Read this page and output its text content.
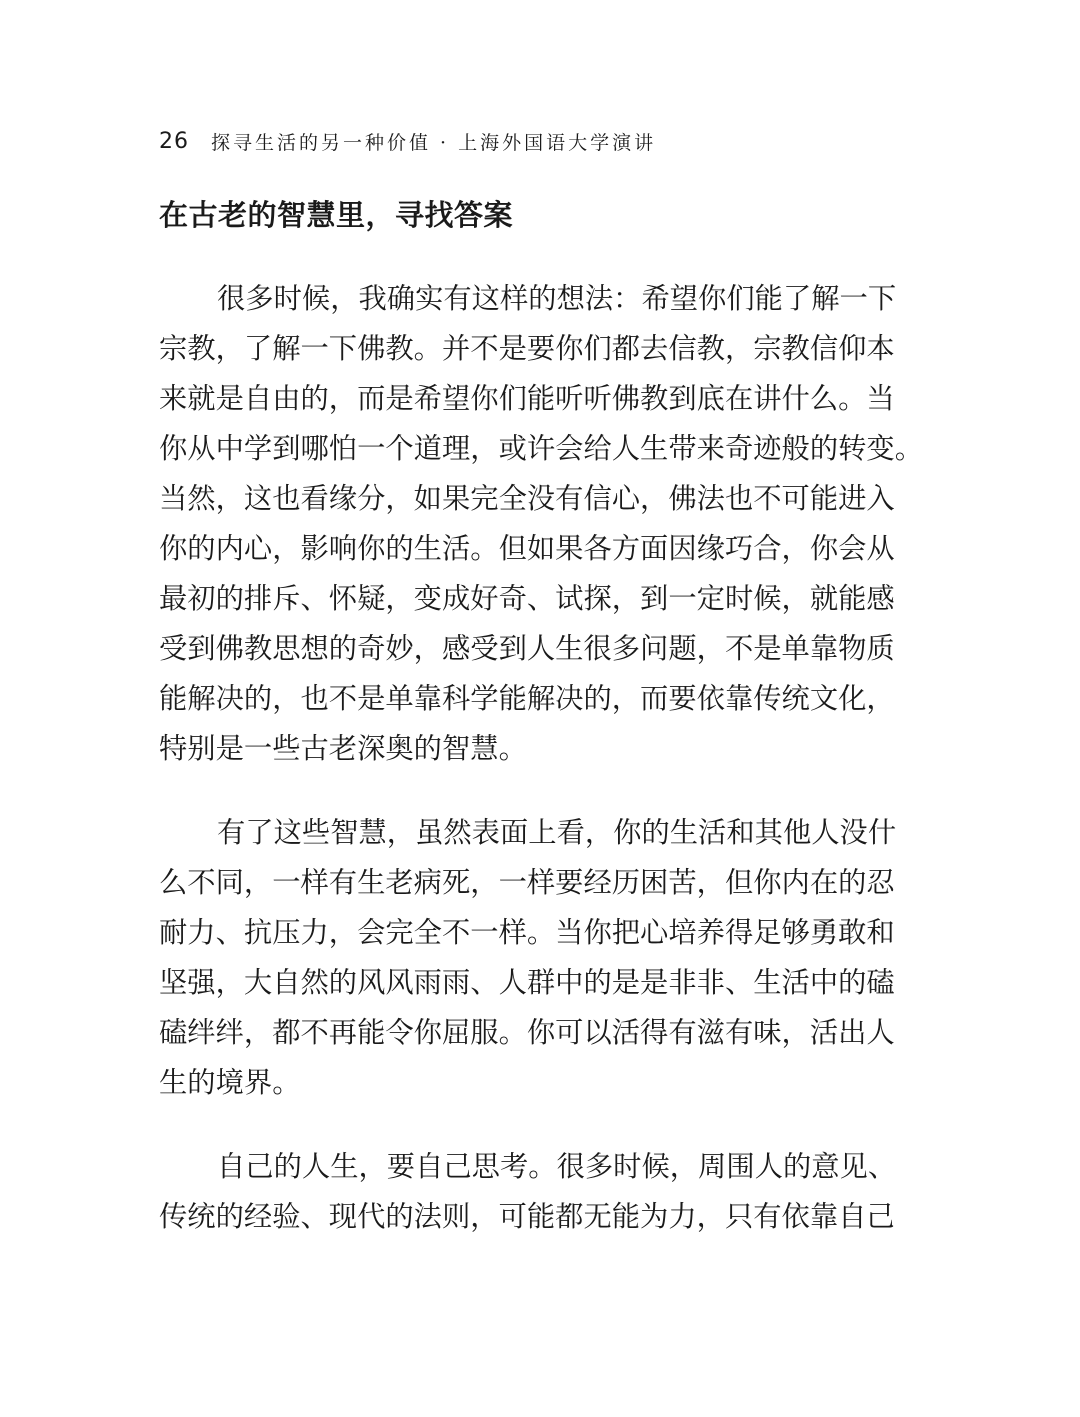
26 探寻生活的另一种价值 · 上海外国语大学演讲
在古老的智慧里，寻找答案

很多时候，我确实有这样的想法：希望你们能了解一下

宗教，了解一下佛教。并不是要你们都去信教，宗教信仰本

来就是自由的，而是希望你们能听听佛教到底在讲什么。当

你从中学到哪怕一个道理，或许会给人生带来奇迹般的转变。

当然，这也看缘分，如果完全没有信心，佛法也不可能进入

你的内心，影响你的生活。但如果各方面因缘巧合，你会从

最初的排斥、怀疑，变成好奇、试探，到一定时候，就能感

受到佛教思想的奇妙，感受到人生很多问题，不是单靠物质

能解决的，也不是单靠科学能解决的，而要依靠传统文化，

特别是一些古老深奥的智慧。

有了这些智慧，虽然表面上看，你的生活和其他人没什

么不同，一样有生老病死，一样要经历困苦，但你内在的忍

耐力、抗压力，会完全不一样。当你把心培养得足够勇敢和

坚强，大自然的风风雨雨、人群中的是是非非、生活中的磕

磕绊绊，都不再能令你屈服。你可以活得有滋有味，活出人

生的境界。

自己的人生，要自己思考。很多时候，周围人的意见、

传统的经验、现代的法则，可能都无能为力，只有依靠自己
